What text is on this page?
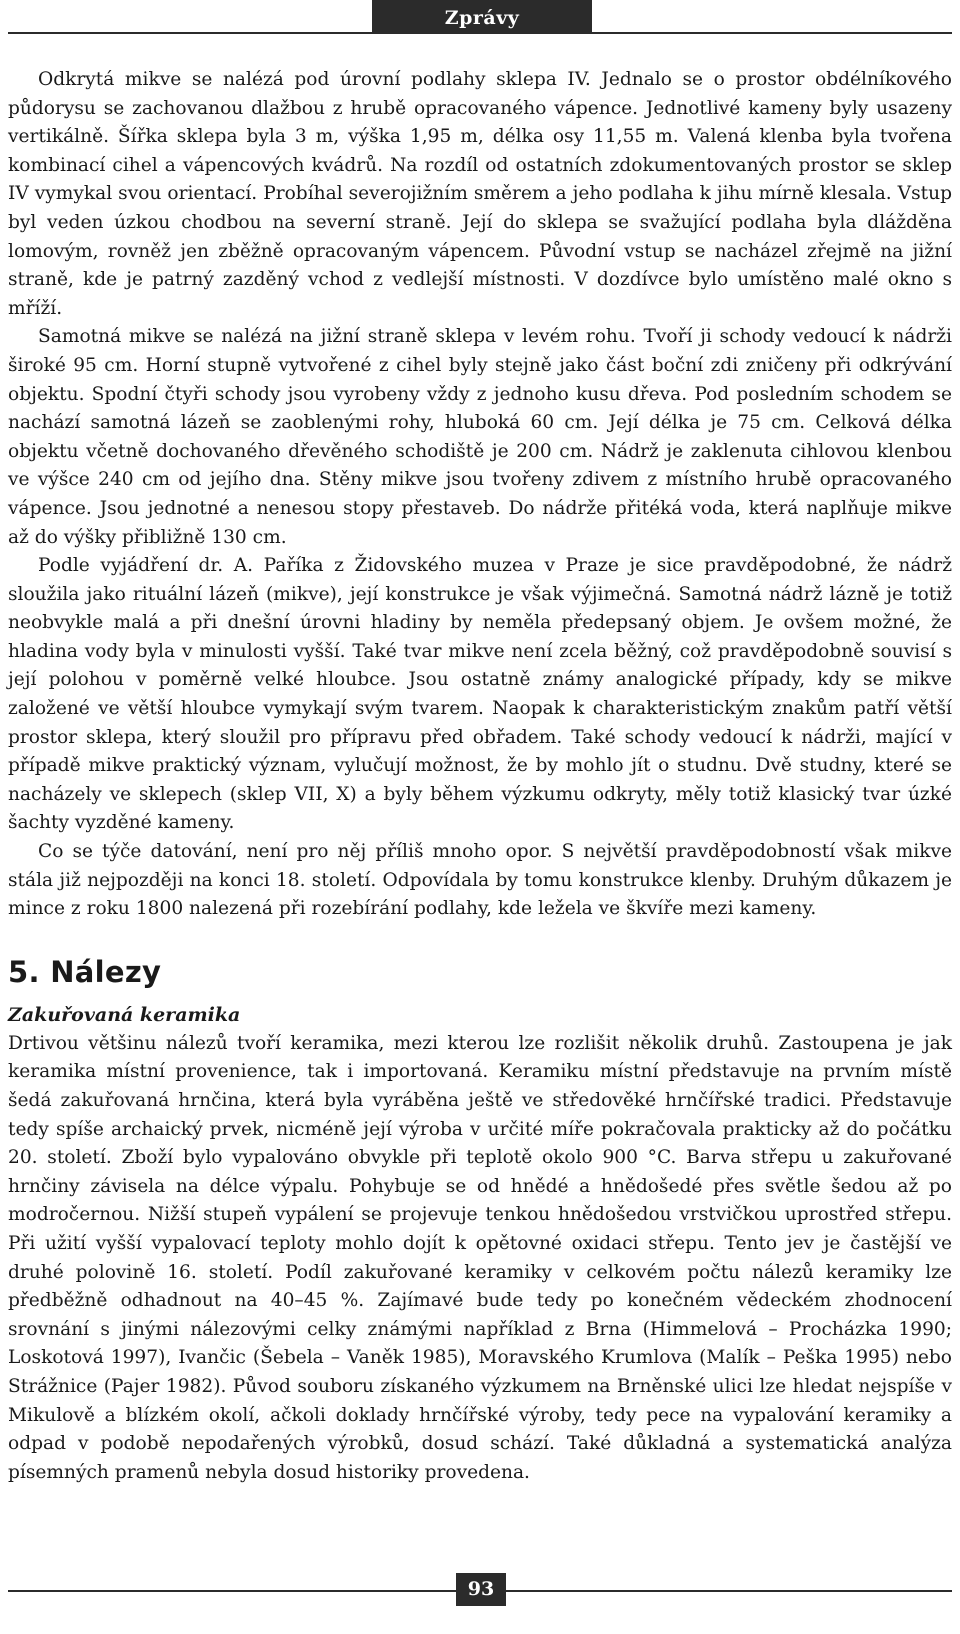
Zprávy

Odkrytá mikve se nalézá pod úrovní podlahy sklepa IV. Jednalo se o prostor obdélníkového půdorysu se zachovanou dlažbou z hrubě opracovaného vápence. Jednotlivé kameny byly usazeny vertikálně. Šířka sklepa byla 3 m, výška 1,95 m, délka osy 11,55 m. Valená klenba byla tvořena kombinací cihel a vápencových kvádrů. Na rozdíl od ostatních zdokumentovaných prostor se sklep IV vymykal svou orientací. Probíhal severojižním směrem a jeho podlaha k jihu mírně klesala. Vstup byl veden úzkou chodbou na severní straně. Její do sklepa se svažující podlaha byla dlážděna lomovým, rovněž jen zběžně opracovaným vápencem. Původní vstup se nacházel zřejmě na jižní straně, kde je patrný zazděný vchod z vedlejší místnosti. V dozdívce bylo umístěno malé okno s mříží.

Samotná mikve se nalézá na jižní straně sklepa v levém rohu. Tvoří ji schody vedoucí k nádrži široké 95 cm. Horní stupně vytvořené z cihel byly stejně jako část boční zdi zničeny při odkrývání objektu. Spodní čtyři schody jsou vyrobeny vždy z jednoho kusu dřeva. Pod posledním schodem se nachází samotná lázeň se zaoblenými rohy, hluboká 60 cm. Její délka je 75 cm. Celková délka objektu včetně dochovaného dřevěného schodiště je 200 cm. Nádrž je zaklenuta cihlovou klenbou ve výšce 240 cm od jejího dna. Stěny mikve jsou tvořeny zdivem z místního hrubě opracovaného vápence. Jsou jednotné a nenesou stopy přestaveb. Do nádrže přitéká voda, která naplňuje mikve až do výšky přibližně 130 cm.

Podle vyjádření dr. A. Paříka z Židovského muzea v Praze je sice pravděpodobné, že nádrž sloužila jako rituální lázeň (mikve), její konstrukce je však výjimečná. Samotná nádrž lázně je totiž neobvykle malá a při dnešní úrovni hladiny by neměla předepsaný objem. Je ovšem možné, že hladina vody byla v minulosti vyšší. Také tvar mikve není zcela běžný, což pravděpodobně souvisí s její polohou v poměrně velké hloubce. Jsou ostatně známy analogické případy, kdy se mikve založené ve větší hloubce vymykají svým tvarem. Naopak k charakteristickým znakům patří větší prostor sklepa, který sloužil pro přípravu před obřadem. Také schody vedoucí k nádrži, mající v případě mikve praktický význam, vylučují možnost, že by mohlo jít o studnu. Dvě studny, které se nacházely ve sklepech (sklep VII, X) a byly během výzkumu odkryty, měly totiž klasický tvar úzké šachty vyzděné kameny.

Co se týče datování, není pro něj příliš mnoho opor. S největší pravděpodobností však mikve stála již nejpozději na konci 18. století. Odpovídala by tomu konstrukce klenby. Druhým důkazem je mince z roku 1800 nalezená při rozebírání podlahy, kde ležela ve škvíře mezi kameny.

5. Nálezy
Zakuřovaná keramika

Drtivou většinu nálezů tvoří keramika, mezi kterou lze rozlišit několik druhů. Zastoupena je jak keramika místní provenience, tak i importovaná. Keramiku místní představuje na prvním místě šedá zakuřovaná hrnčina, která byla vyráběna ještě ve středověké hrnčířské tradici. Představuje tedy spíše archaický prvek, nicméně její výroba v určité míře pokračovala prakticky až do počátku 20. století. Zboží bylo vypalováno obvykle při teplotě okolo 900 °C. Barva střepu u zakuřované hrnčiny závisela na délce výpalu. Pohybuje se od hnědé a hnědošedé přes světle šedou až po modročernou. Nižší stupeň vypálení se projevuje tenkou hnědošedou vrstvičkou uprostřed střepu. Při užití vyšší vypalovací teploty mohlo dojít k opětovné oxidaci střepu. Tento jev je častější ve druhé polovině 16. století. Podíl zakuřované keramiky v celkovém počtu nálezů keramiky lze předběžně odhadnout na 40–45 %. Zajímavé bude tedy po konečném vědeckém zhodnocení srovnání s jinými nálezovými celky známými například z Brna (Himmelová – Procházka 1990; Loskotová 1997), Ivančic (Šebela – Vaněk 1985), Moravského Krumlova (Malík – Peška 1995) nebo Strážnice (Pajer 1982). Původ souboru získaného výzkumem na Brněnské ulici lze hledat nejspíše v Mikulově a blízkém okolí, ačkoli doklady hrnčířské výroby, tedy pece na vypalování keramiky a odpad v podobě nepodařených výrobků, dosud schází. Také důkladná a systematická analýza písemných pramenů nebyla dosud historiky provedena.

93
